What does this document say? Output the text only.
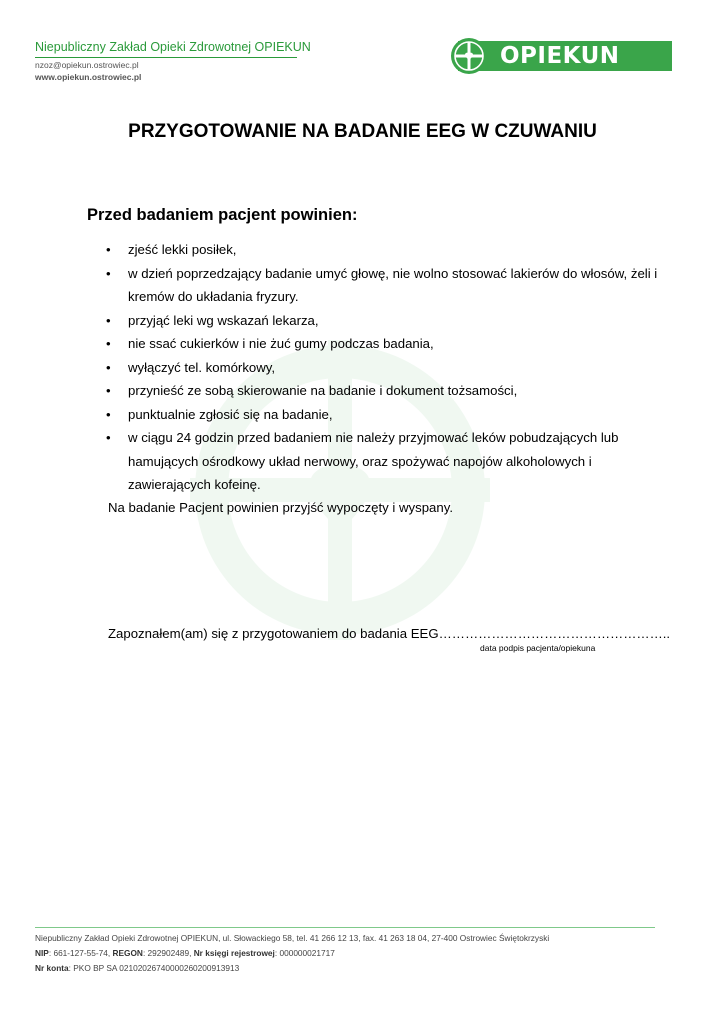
Niepubliczny Zakład Opieki Zdrowotnej OPIEKUN
nzoz@opiekun.ostrowiec.pl
www.opiekun.ostrowiec.pl
OPIEKUN
PRZYGOTOWANIE NA BADANIE EEG W CZUWANIU
Przed badaniem pacjent powinien:
• zjeść lekki posiłek,
• w dzień poprzedzający badanie umyć głowę, nie wolno stosować lakierów do włosów, żeli i kremów do układania fryzury.
• przyjąć leki wg wskazań lekarza,
• nie ssać cukierków i nie żuć gumy podczas badania,
• wyłączyć tel. komórkowy,
• przynieść ze sobą skierowanie na badanie i dokument tożsamości,
• punktualnie zgłosić się na badanie,
• w ciągu 24 godzin przed badaniem nie należy przyjmować leków pobudzających lub hamujących ośrodkowy układ nerwowy, oraz spożywać napojów alkoholowych i zawierających kofeinę.
Na badanie Pacjent powinien przyjść wypoczęty i wyspany.
Zapoznałem(am) się z przygotowaniem do badania EEG……………………………………………..
data podpis pacjenta/opiekuna
Niepubliczny Zakład Opieki Zdrowotnej OPIEKUN, ul. Słowackiego 58, tel. 41 266 12 13, fax. 41 263 18 04, 27-400 Ostrowiec Świętokrzyski
NIP: 661-127-55-74, REGON: 292902489, Nr księgi rejestrowej: 000000021717
Nr konta: PKO BP SA 02102026740000260200913913
